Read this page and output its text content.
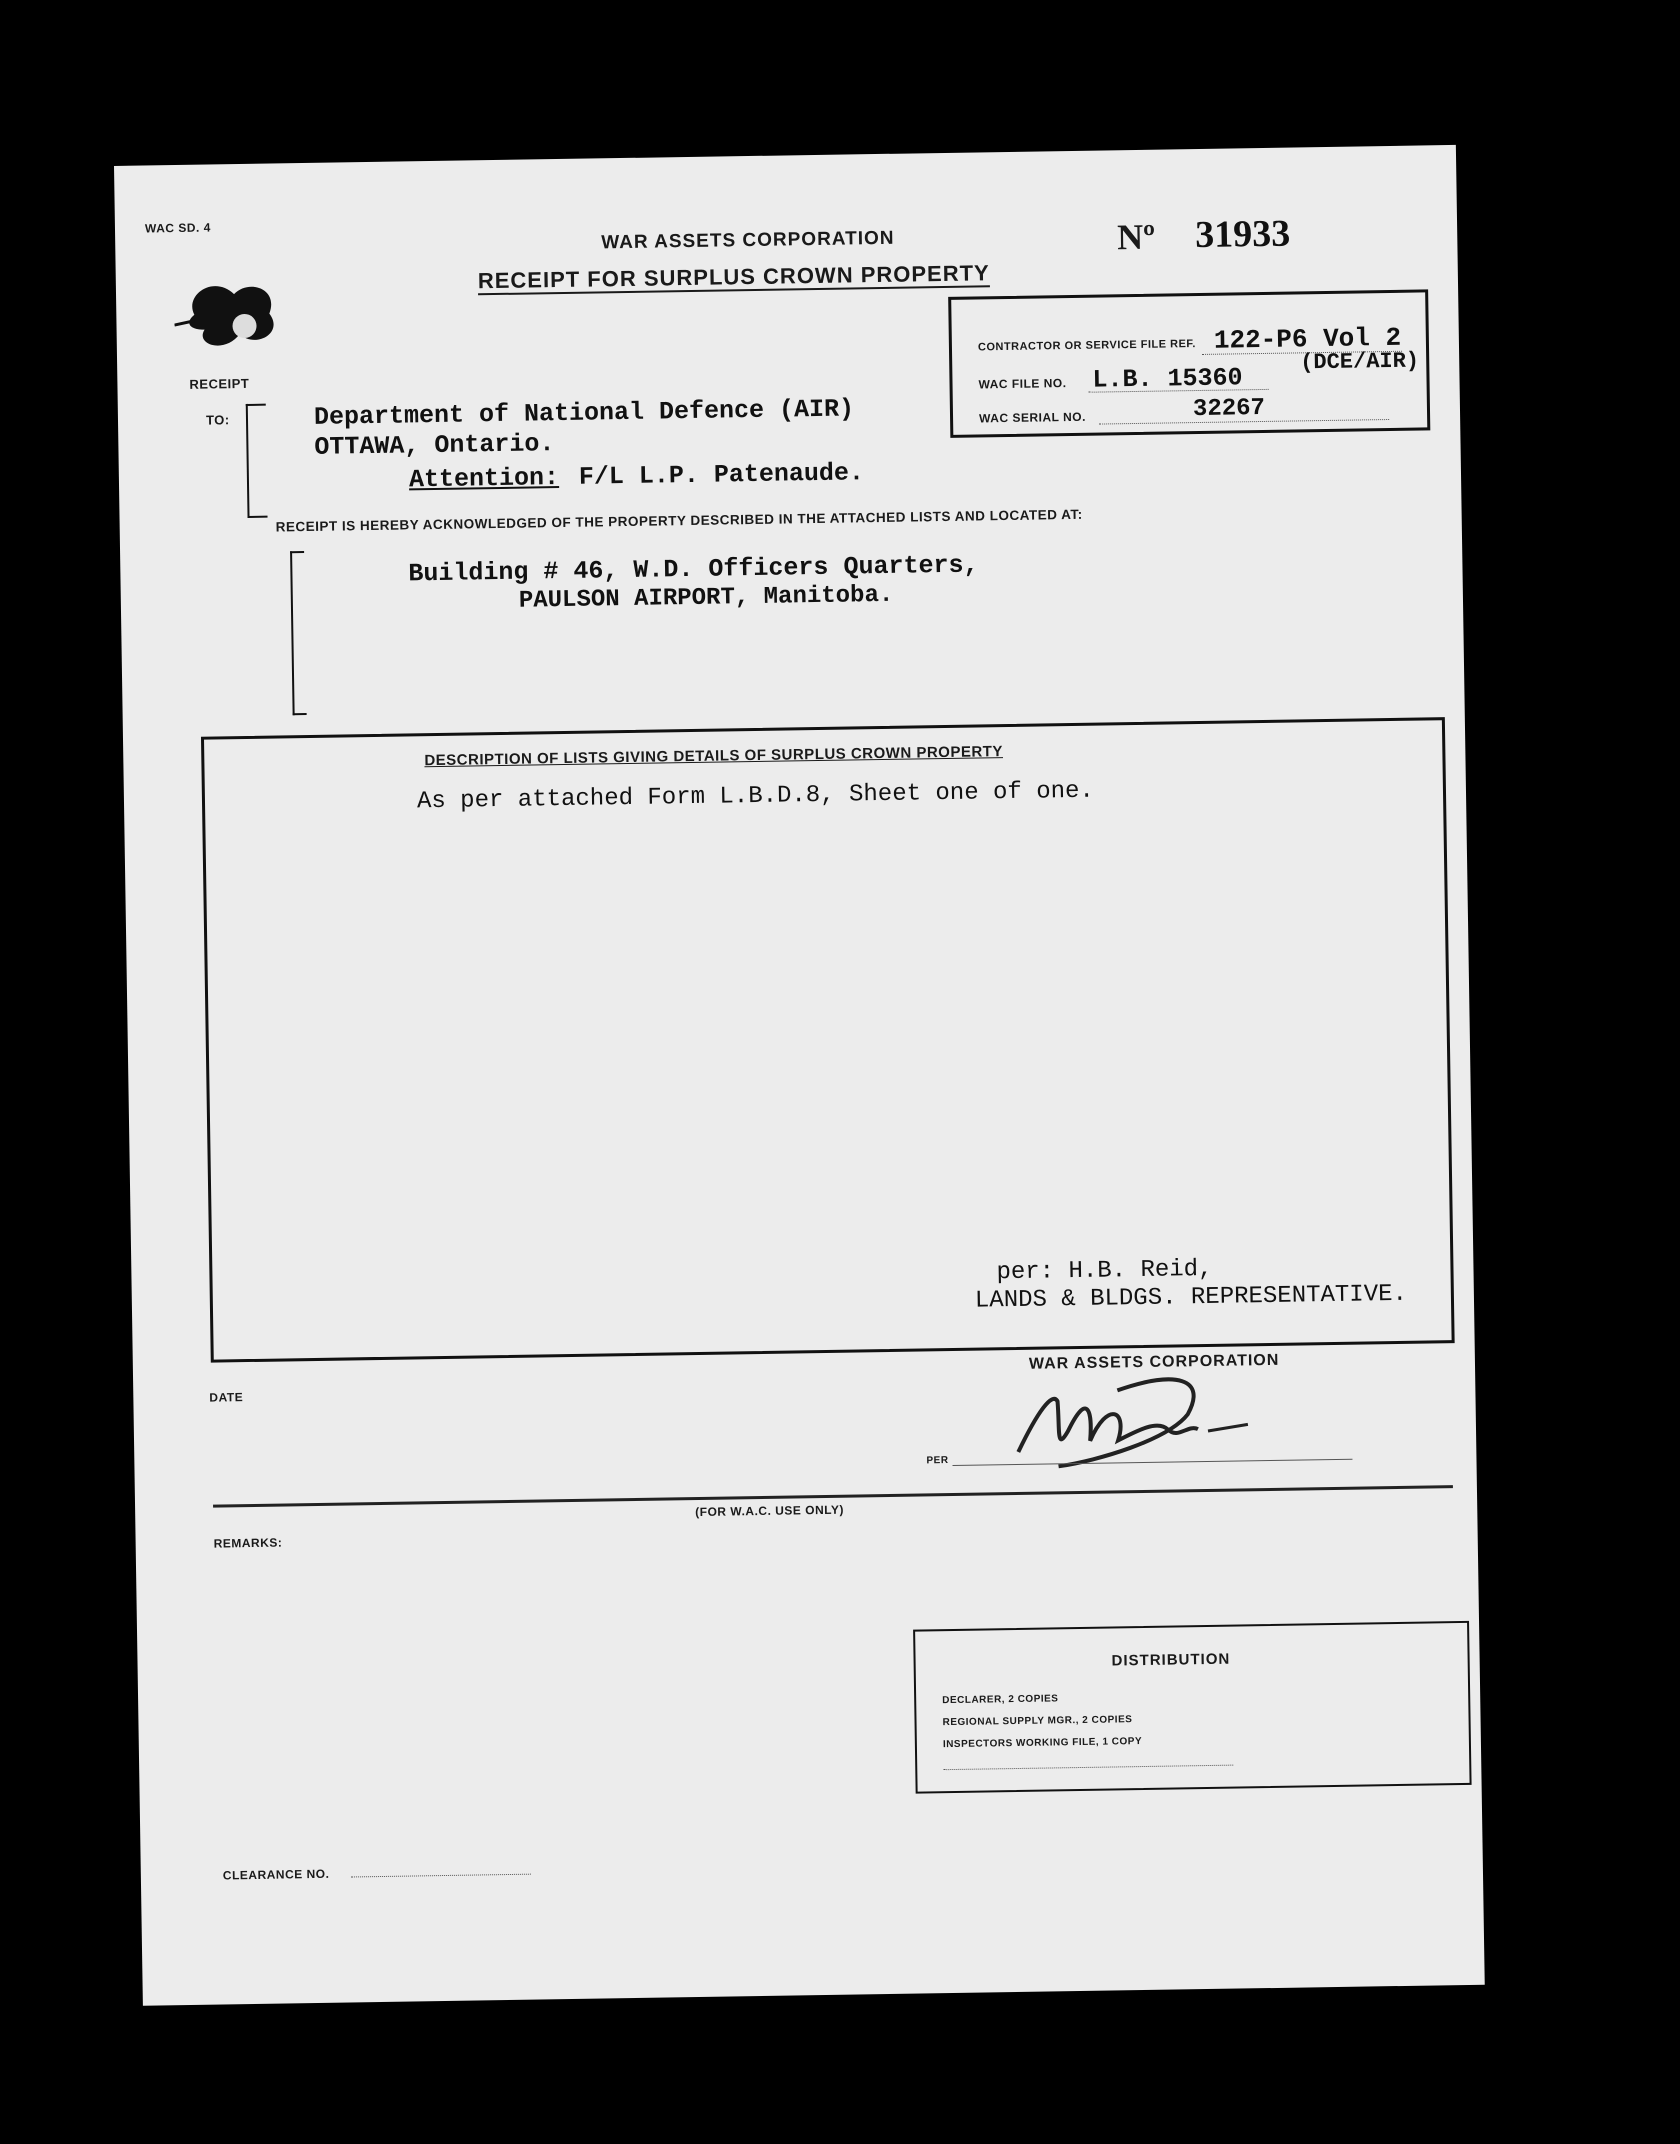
WAC SD. 4	WAR ASSETS CORPORATION
RECEIPT FOR SURPLUS CROWN PROPERTY
Nº 31933
CONTRACTOR OR SERVICE FILE REF. 122-P6 Vol 2
(DCE/AIR)
WAC FILE NO. L.B. 15360
WAC SERIAL NO.	32267
RECEIPT
TO:	Department of National Defence (AIR)
OTTAWA, Ontario.
Attention: F/L L.P. Patenaude.
RECEIPT IS HEREBY ACKNOWLEDGED OF THE PROPERTY DESCRIBED IN THE ATTACHED LISTS AND LOCATED AT:
Building # 46, W.D. Officers Quarters,
PAULSON AIRPORT, Manitoba.
DESCRIPTION OF LISTS GIVING DETAILS OF SURPLUS CROWN PROPERTY
As per attached Form L.B.D.8, Sheet one of one.
per: H.B. Reid,
LANDS & BLDGS. REPRESENTATIVE.
DATE
WAR ASSETS CORPORATION
PER
(FOR W.A.C. USE ONLY)
REMARKS:
DISTRIBUTION
DECLARER, 2 COPIES
REGIONAL SUPPLY MGR., 2 COPIES
INSPECTORS WORKING FILE, 1 COPY
CLEARANCE NO.
